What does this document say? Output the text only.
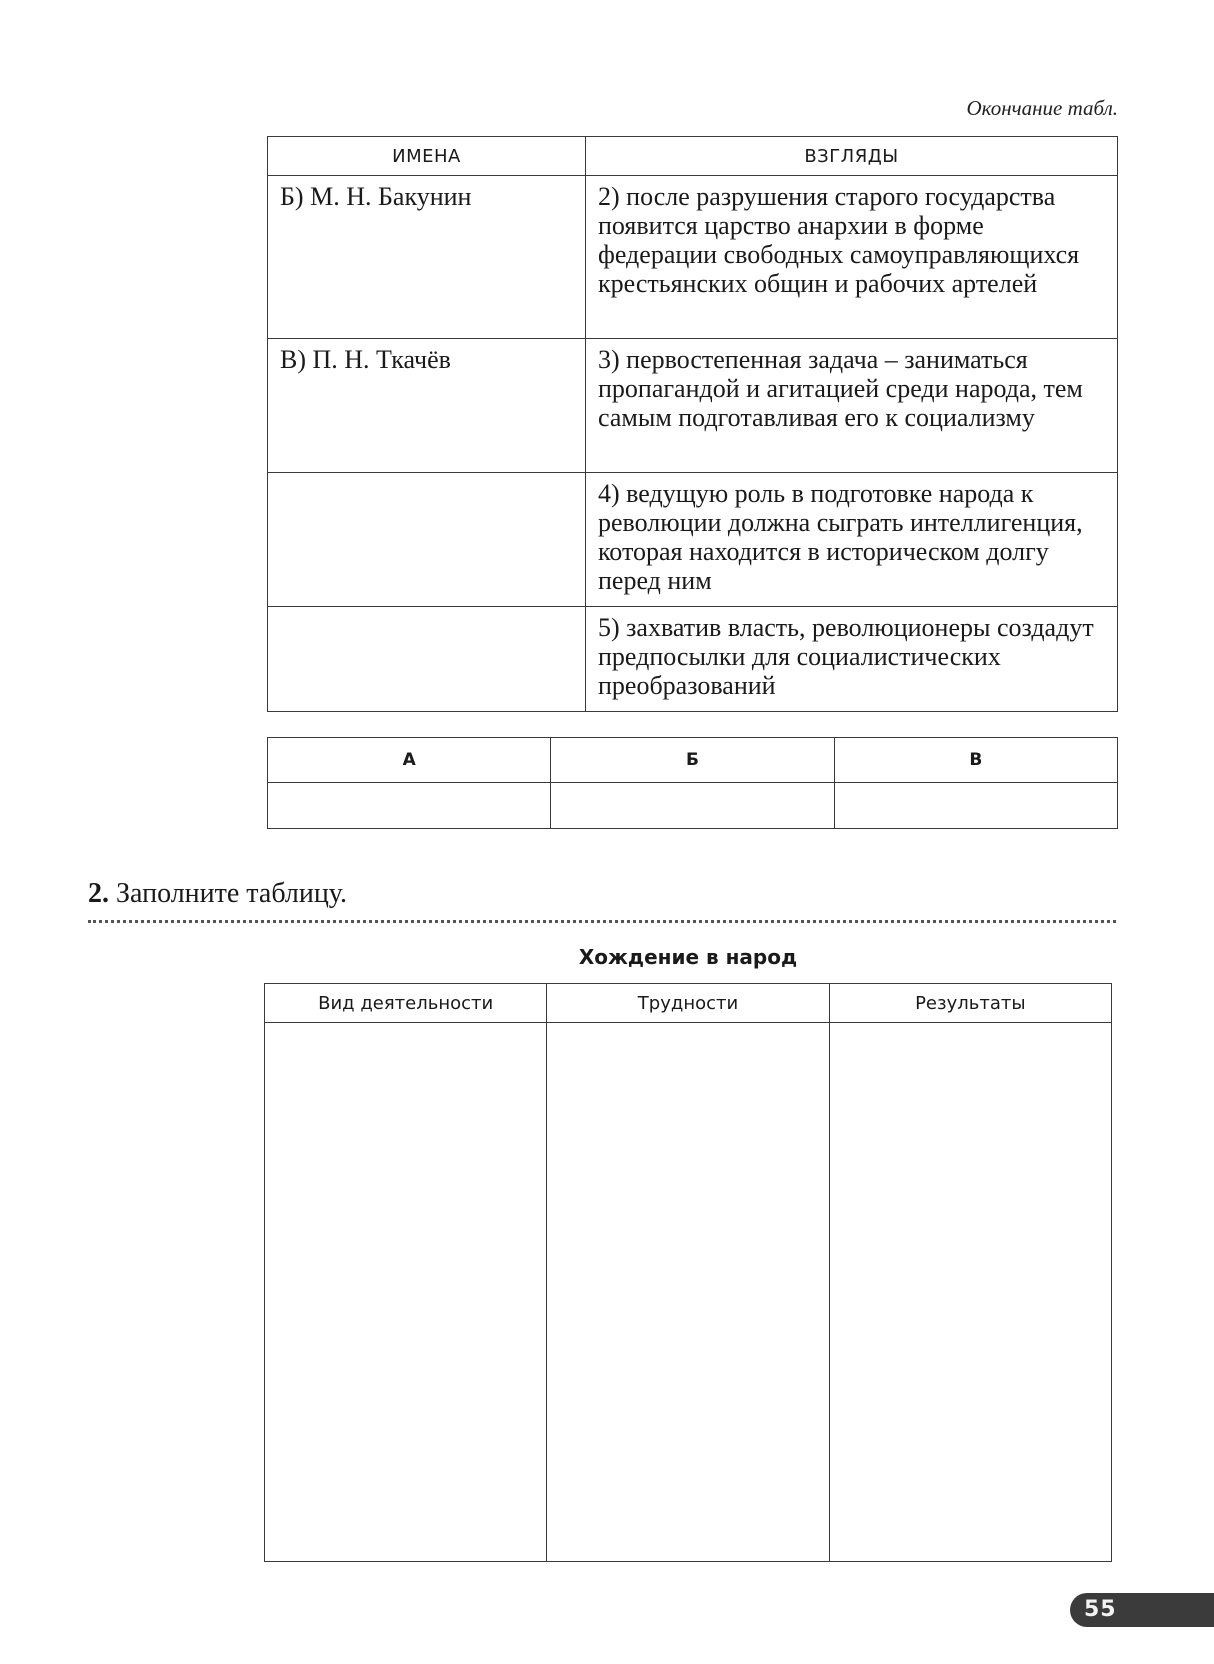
Окончание табл.
ИМЕНА	ВЗГЛЯДЫ
Б) М. Н. Бакунин	2) после разрушения старого государства появится царство анархии в форме федерации свободных самоуправляющихся крестьянских общин и рабочих артелей
В) П. Н. Ткачёв	3) первостепенная задача – заниматься пропагандой и агитацией среди народа, тем самым подготавливая его к социализму
	4) ведущую роль в подготовке народа к революции должна сыграть интеллигенция, которая находится в историческом долгу перед ним
	5) захватив власть, революционеры создадут предпосылки для социалистических преобразований
А	Б	В

2. Заполните таблицу.
Хождение в народ
Вид деятельности	Трудности	Результаты

55
